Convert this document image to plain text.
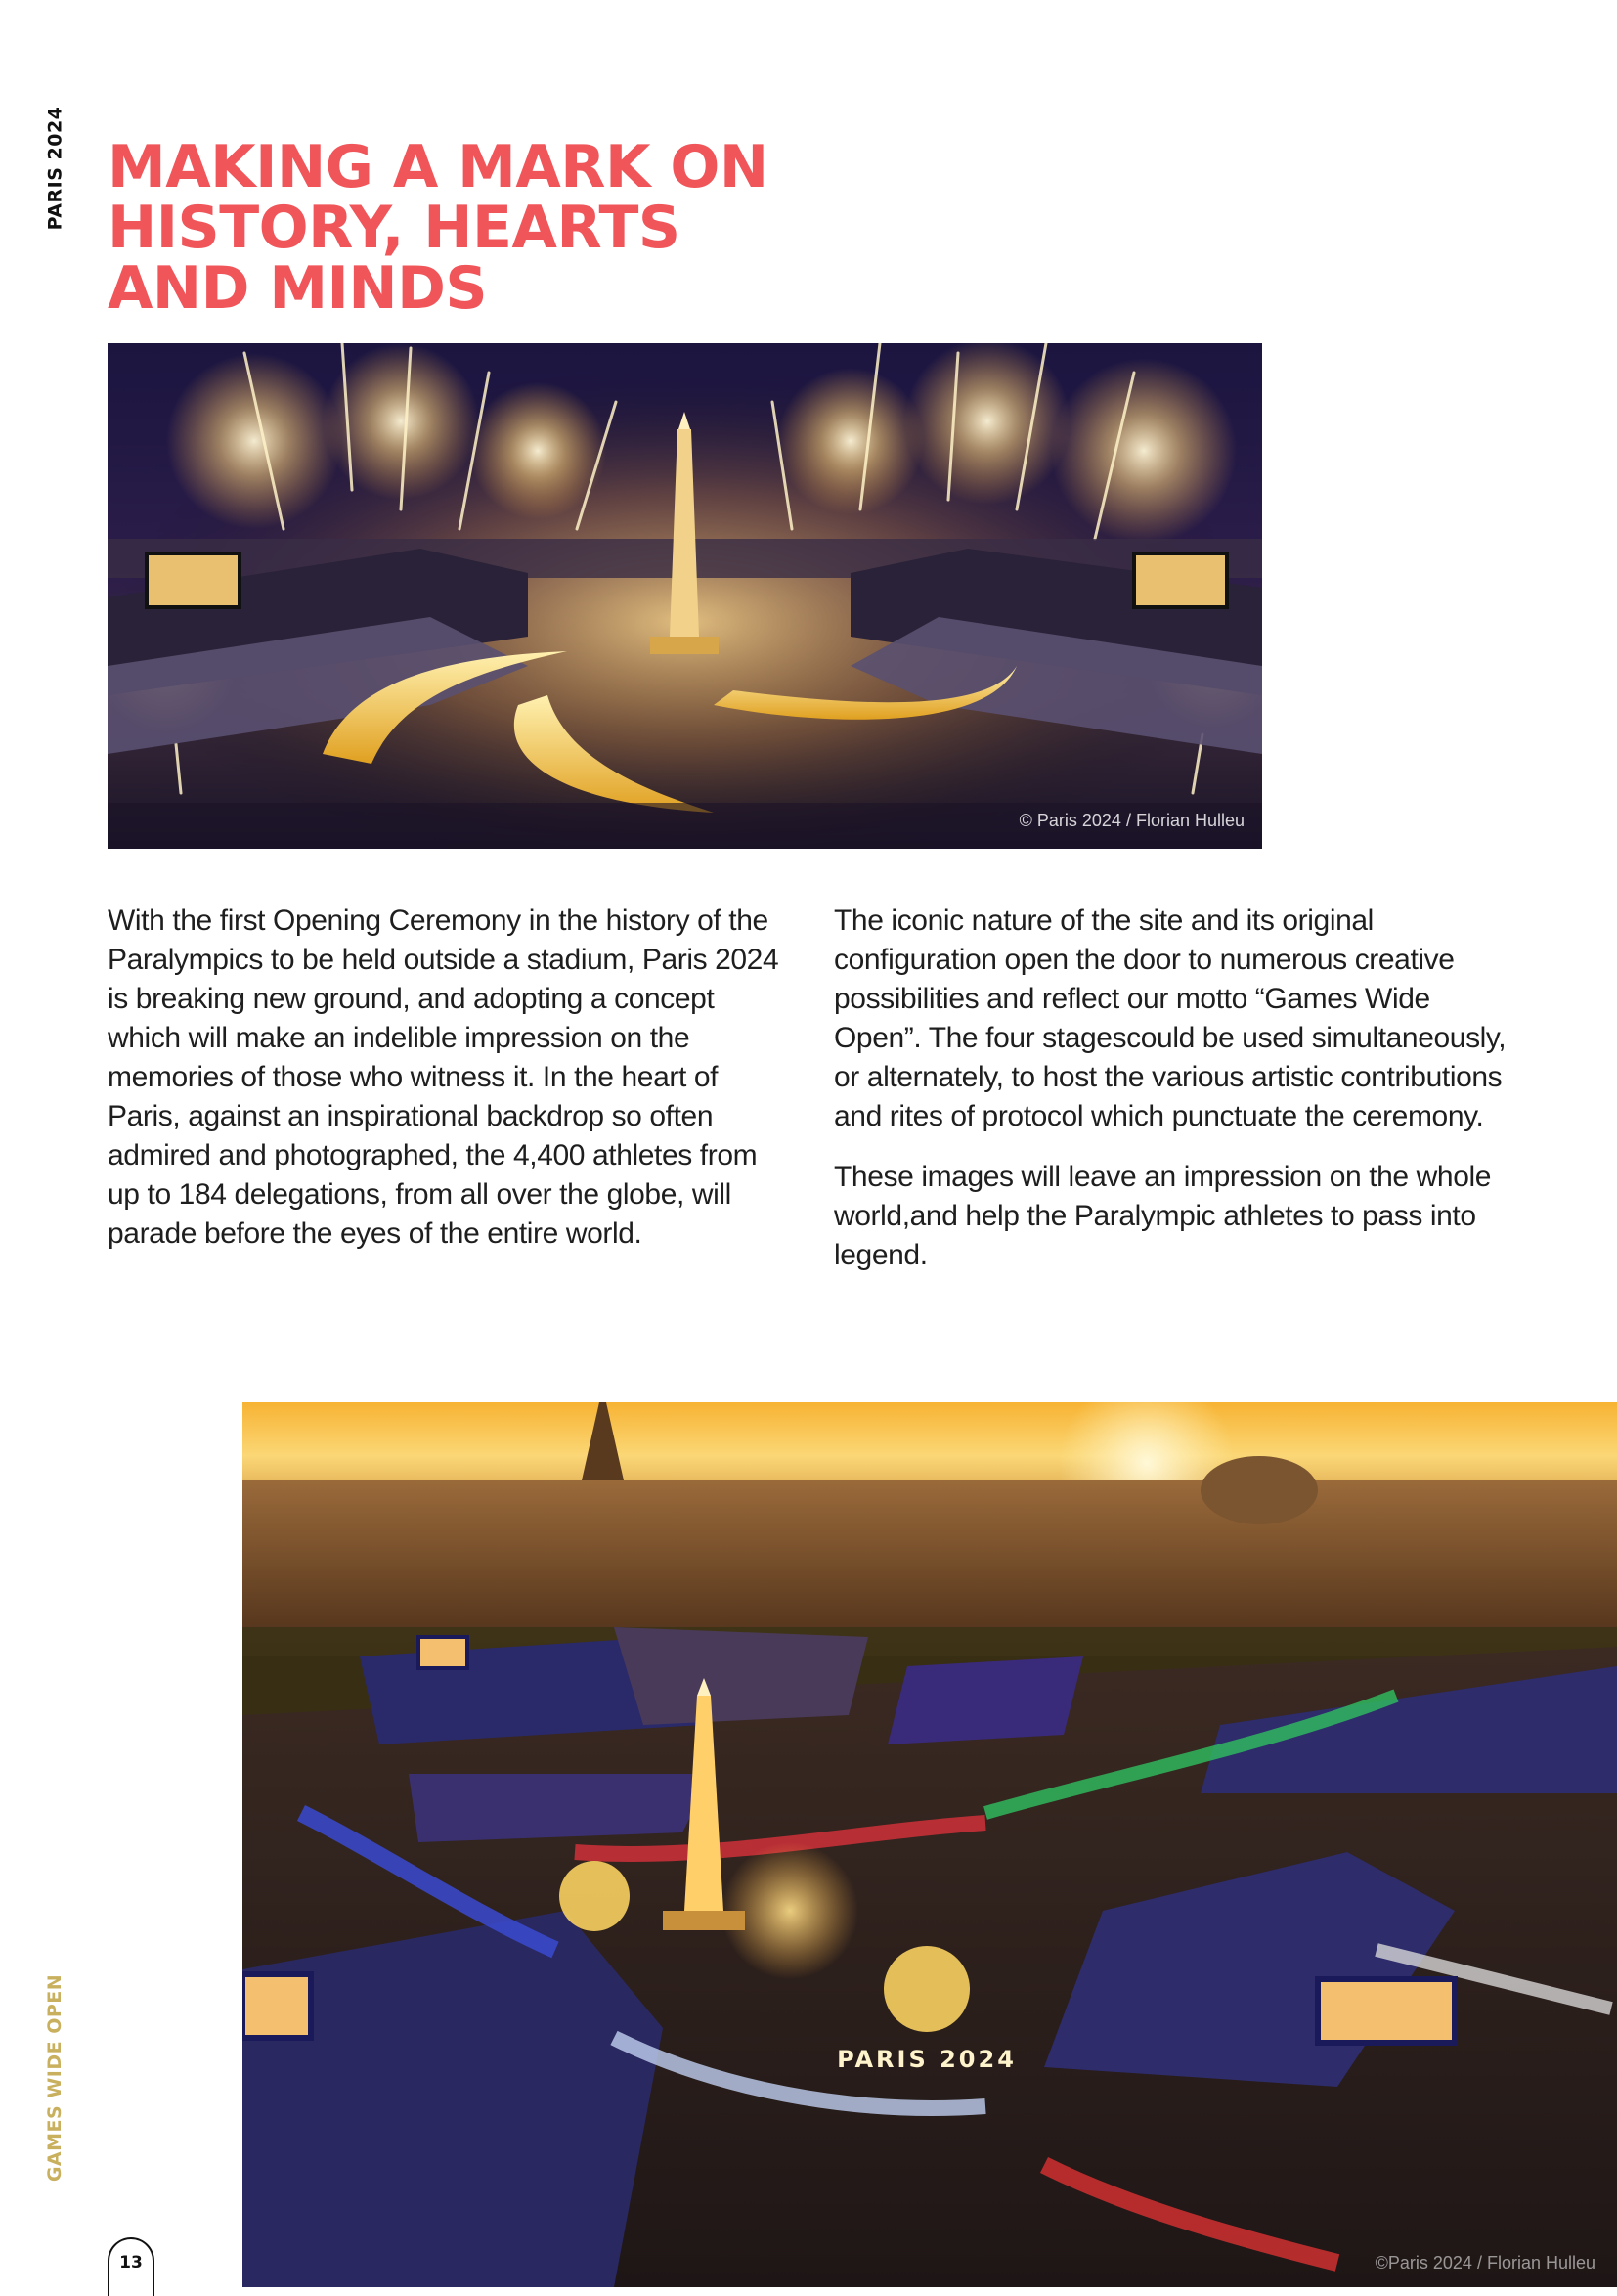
PARIS 2024 MAKING A MARK ON HISTORY, HEARTS AND MINDS
© Paris 2024 / Florian Hulleu

With the first Opening Ceremony in the history of the Paralympics to be held outside a stadium, Paris 2024 is breaking new ground, and adopting a concept which will make an indelible impression on the memories of those who witness it. In the heart of Paris, against an inspirational backdrop so often admired and photographed, the 4,400 athletes from up to 184 delegations, from all over the globe, will parade before the eyes of the entire world.

The iconic nature of the site and its original configuration open the door to numerous creative possibilities and reflect our motto “Games Wide Open”. The four stagescould be used simultaneously, or alternately, to host the various artistic contributions and rites of protocol which punctuate the ceremony.

These images will leave an impression on the whole world,and help the Paralympic athletes to pass into legend.

PARIS 2024
©Paris 2024 / Florian Hulleu
GAMES WIDE OPEN
13
